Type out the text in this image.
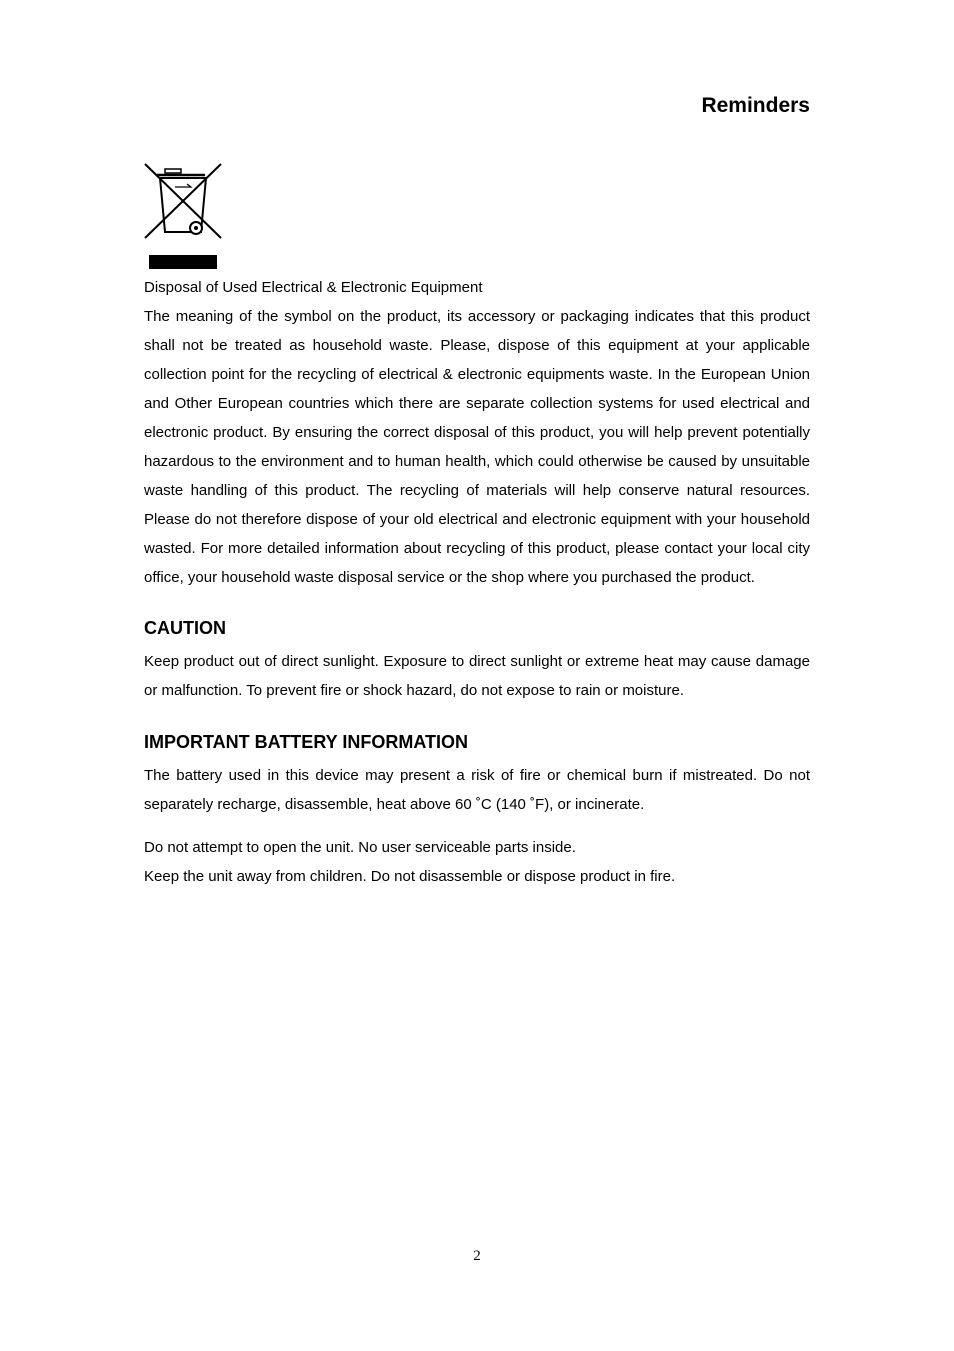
Reminders

Disposal of Used Electrical & Electronic Equipment

The meaning of the symbol on the product, its accessory or packaging indicates that this product shall not be treated as household waste. Please, dispose of this equipment at your applicable collection point for the recycling of electrical & electronic equipments waste. In the European Union and Other European countries which there are separate collection systems for used electrical and electronic product. By ensuring the correct disposal of this product, you will help prevent potentially hazardous to the environment and to human health, which could otherwise be caused by unsuitable waste handling of this product. The recycling of materials will help conserve natural resources. Please do not therefore dispose of your old electrical and electronic equipment with your household wasted. For more detailed information about recycling of this product, please contact your local city office, your household waste disposal service or the shop where you purchased the product.

CAUTION

Keep product out of direct sunlight. Exposure to direct sunlight or extreme heat may cause damage or malfunction. To prevent fire or shock hazard, do not expose to rain or moisture.

IMPORTANT BATTERY INFORMATION

The battery used in this device may present a risk of fire or chemical burn if mistreated. Do not separately recharge, disassemble, heat above 60 ˚C (140 ˚F), or incinerate.

Do not attempt to open the unit. No user serviceable parts inside.

Keep the unit away from children. Do not disassemble or dispose product in fire.

2
